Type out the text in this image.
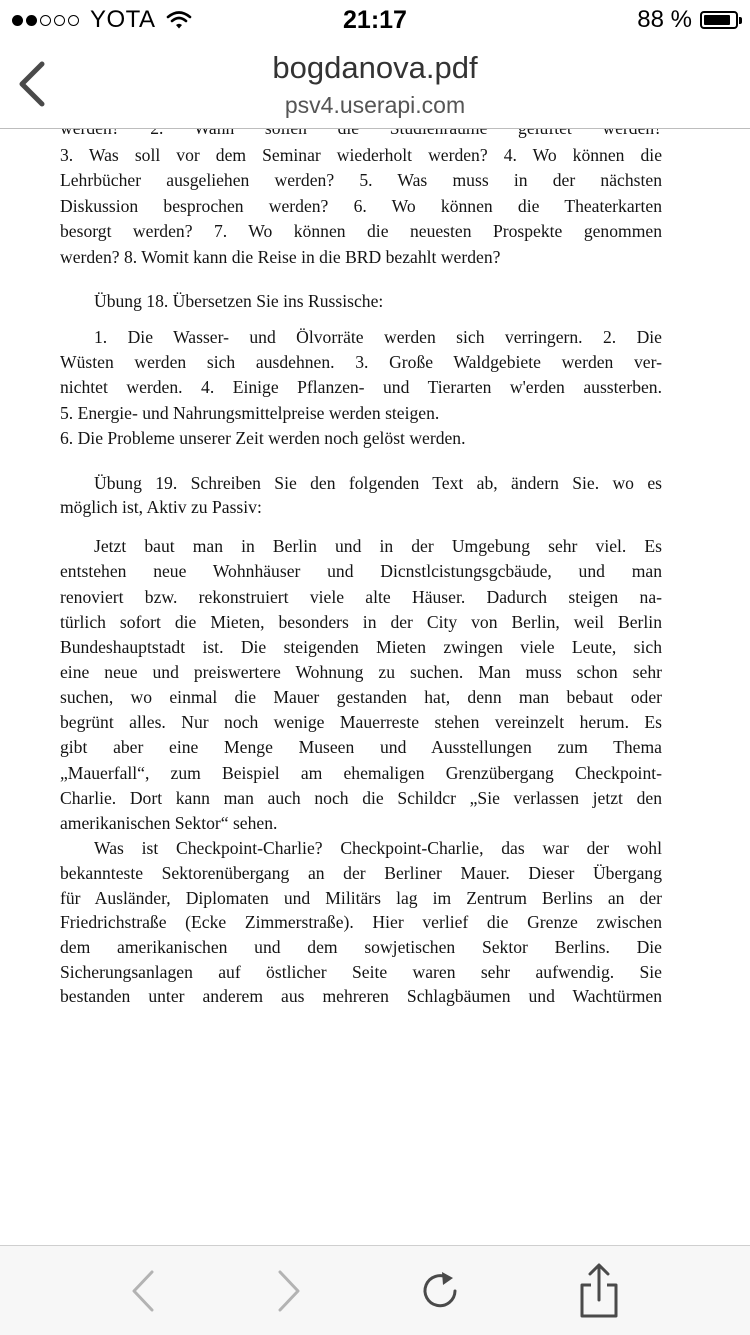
YOTA	21:17	88 %
bogdanova.pdf
psv4.userapi.com
3. Was soll vor dem Seminar wiederholt werden? 4. Wo können die
Lehrbücher ausgeliehen werden? 5. Was muss in der nächsten
Diskussion besprochen werden? 6. Wo können die Theaterkarten
besorgt werden? 7. Wo können die neuesten Prospekte genommen
werden? 8. Womit kann die Reise in die BRD bezahlt werden?
Übung 18. Übersetzen Sie ins Russische:
1. Die Wasser- und Ölvorräte werden sich verringern. 2. Die
Wüsten werden sich ausdehnen. 3. Große Waldgebiete werden ver-
nichtet werden. 4. Einige Pflanzen- und Tierarten w'erden aussterben.
5. Energie- und Nahrungsmittelpreise werden steigen.
6. Die Probleme unserer Zeit werden noch gelöst werden.
Übung 19. Schreiben Sie den folgenden Text ab, ändern Sie. wo es
möglich ist, Aktiv zu Passiv:
Jetzt baut man in Berlin und in der Umgebung sehr viel. Es
entstehen neue Wohnhäuser und Dicnstlcistungsgcbäude, und man
renoviert bzw. rekonstruiert viele alte Häuser. Dadurch steigen na-
türlich sofort die Mieten, besonders in der City von Berlin, weil Berlin
Bundeshauptstadt ist. Die steigenden Mieten zwingen viele Leute, sich
eine neue und preiswertere Wohnung zu suchen. Man muss schon sehr
suchen, wo einmal die Mauer gestanden hat, denn man bebaut oder
begrünt alles. Nur noch wenige Mauerreste stehen vereinzelt herum. Es
gibt aber eine Menge Museen und Ausstellungen zum Thema
„Mauerfall“, zum Beispiel am ehemaligen Grenzübergang Checkpoint-
Charlie. Dort kann man auch noch die Schildcr „Sie verlassen jetzt den
amerikanischen Sektor“ sehen.
Was ist Checkpoint-Charlie? Checkpoint-Charlie, das war der wohl
bekannteste Sektorenübergang an der Berliner Mauer. Dieser Übergang
für Ausländer, Diplomaten und Militärs lag im Zentrum Berlins an der
Friedrichstraße (Ecke Zimmerstraße). Hier verlief die Grenze zwischen
dem amerikanischen und dem sowjetischen Sektor Berlins. Die
Sicherungsanlagen auf östlicher Seite waren sehr aufwendig. Sie
bestanden unter anderem aus mehreren Schlagbäumen und Wachtürmen
